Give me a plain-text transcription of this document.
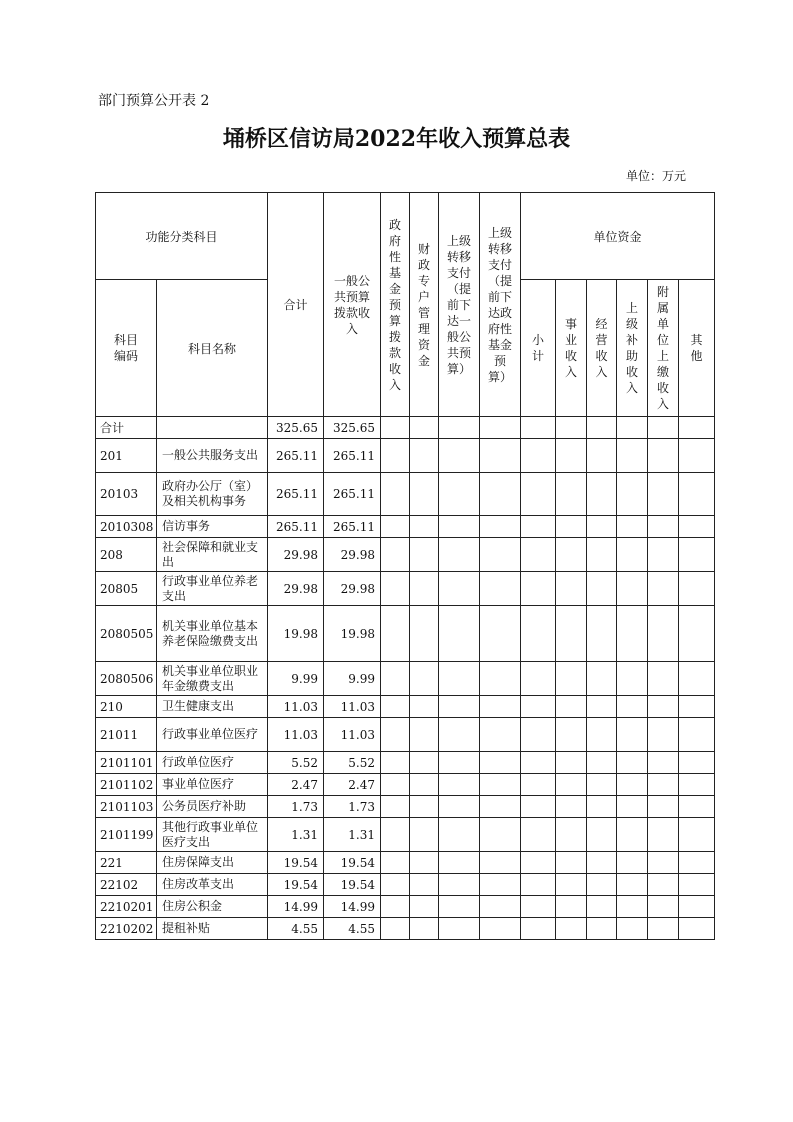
部门预算公开表 2
埇桥区信访局2022年收入预算总表
单位：万元
功能分类科目		合计	一般公共预算拨款收入	政府性基金预算拨款收入	财政专户管理资金	上级转移支付（提前下达一般公共预算）	上级转移支付（提前下达政府性基金预算）	单位资金					

科目编码	科目名称							小计	事业收入	经营收入	上级补助收入	附属单位上缴收入	其他

合计		325.65	325.65										
201	一般公共服务支出	265.11	265.11										
20103	政府办公厅（室）及相关机构事务	265.11	265.11										
2010308	信访事务	265.11	265.11										
208	社会保障和就业支出	29.98	29.98										
20805	行政事业单位养老支出	29.98	29.98										
2080505	机关事业单位基本养老保险缴费支出	19.98	19.98										
2080506	机关事业单位职业年金缴费支出	9.99	9.99										
210	卫生健康支出	11.03	11.03										
21011	行政事业单位医疗	11.03	11.03										
2101101	行政单位医疗	5.52	5.52										
2101102	事业单位医疗	2.47	2.47										
2101103	公务员医疗补助	1.73	1.73										
2101199	其他行政事业单位医疗支出	1.31	1.31										
221	住房保障支出	19.54	19.54										
22102	住房改革支出	19.54	19.54										
2210201	住房公积金	14.99	14.99										
2210202	提租补贴	4.55	4.55										
